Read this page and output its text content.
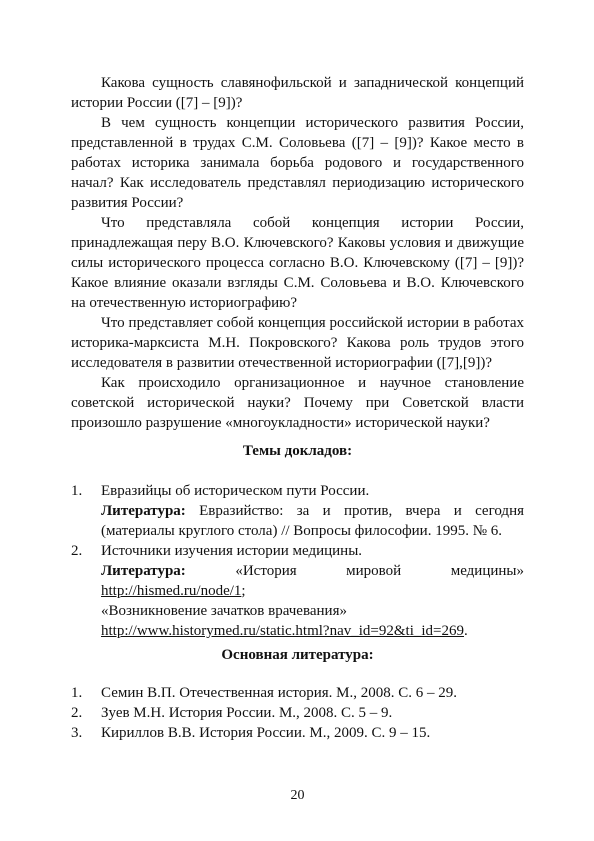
Какова сущность славянофильской и западнической концепций истории России ([7] – [9])?

В чем сущность концепции исторического развития России, представленной в трудах С.М. Соловьева ([7] – [9])? Какое место в работах историка занимала борьба родового и государственного начал? Как исследователь представлял периодизацию исторического развития России?

Что представляла собой концепция истории России, принадлежащая перу В.О. Ключевского? Каковы условия и движущие силы исторического процесса согласно В.О. Ключевскому ([7] – [9])? Какое влияние оказали взгляды С.М. Соловьева и В.О. Ключевского на отечественную историографию?

Что представляет собой концепция российской истории в работах историка-марксиста М.Н. Покровского? Какова роль трудов этого исследователя в развитии отечественной историографии ([7],[9])?

Как происходило организационное и научное становление советской исторической науки? Почему при Советской власти произошло разрушение «многоукладности» исторической науки?

Темы докладов:
1. Евразийцы об историческом пути России.
Литература: Евразийство: за и против, вчера и сегодня (материалы круглого стола) // Вопросы философии. 1995. № 6.
2. Источники изучения истории медицины.
Литература:	«История	мировой	медицины»
http://hismed.ru/node/1;
«Возникновение зачатков врачевания»
http://www.historymed.ru/static.html?nav_id=92&ti_id=269.
Основная литература:
1. Семин В.П. Отечественная история. М., 2008. С. 6 – 29.
2. Зуев М.Н. История России. М., 2008. С. 5 – 9.
3. Кириллов В.В. История России. М., 2009. С. 9 – 15.
20
